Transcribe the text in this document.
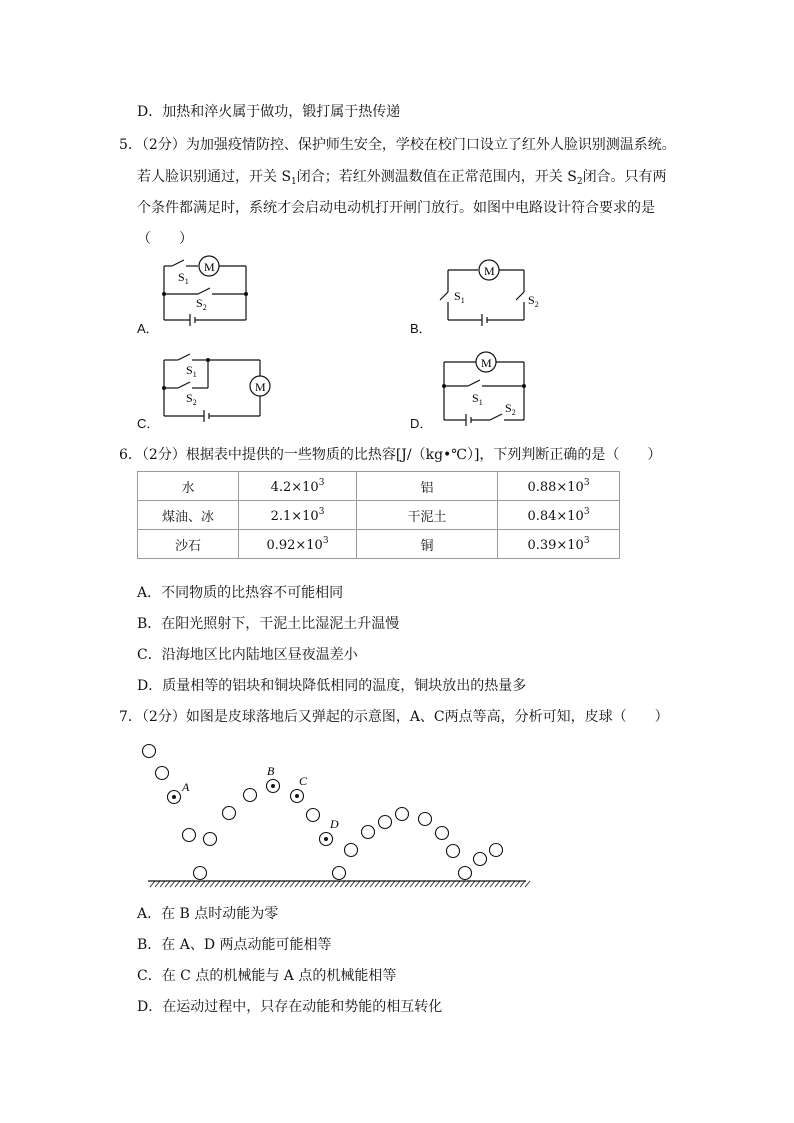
D．加热和淬火属于做功，锻打属于热传递
5．（2分）为加强疫情防控、保护师生安全，学校在校门口设立了红外人脸识别测温系统。
若人脸识别通过，开关 $S_1$闭合；若红外测温数值在正常范围内，开关 $S_2$闭合。只有两
个条件都满足时，系统才会启动电动机打开闸门放行。如图中电路设计符合要求的是
（　　）
A．	B．
C．	D．
M
$S_1$
$S_2$
M
$S_1$	$S_2$
M
$S_1$
$S_2$
M
$S_1$ $S_2$
6．（2分）根据表中提供的一些物质的比热容[J/（kg•℃）]，下列判断正确的是（　　）
水	$4.2\times 10^3$	铝	$0.88\times 10^3$
煤油、冰	$2.1\times 10^3$	干泥土	$0.84\times 10^3$
沙石	$0.92\times 10^3$	铜	$0.39\times 10^3$
A．不同物质的比热容不可能相同
B．在阳光照射下，干泥土比湿泥土升温慢
C．沿海地区比内陆地区昼夜温差小
D．质量相等的铝块和铜块降低相同的温度，铜块放出的热量多
7．（2分）如图是皮球落地后又弹起的示意图，A、C两点等高，分析可知，皮球（　　）
A
B
C
D
A．在 B 点时动能为零
B．在 A、D 两点动能可能相等
C．在 C 点的机械能与 A 点的机械能相等
D．在运动过程中，只存在动能和势能的相互转化
